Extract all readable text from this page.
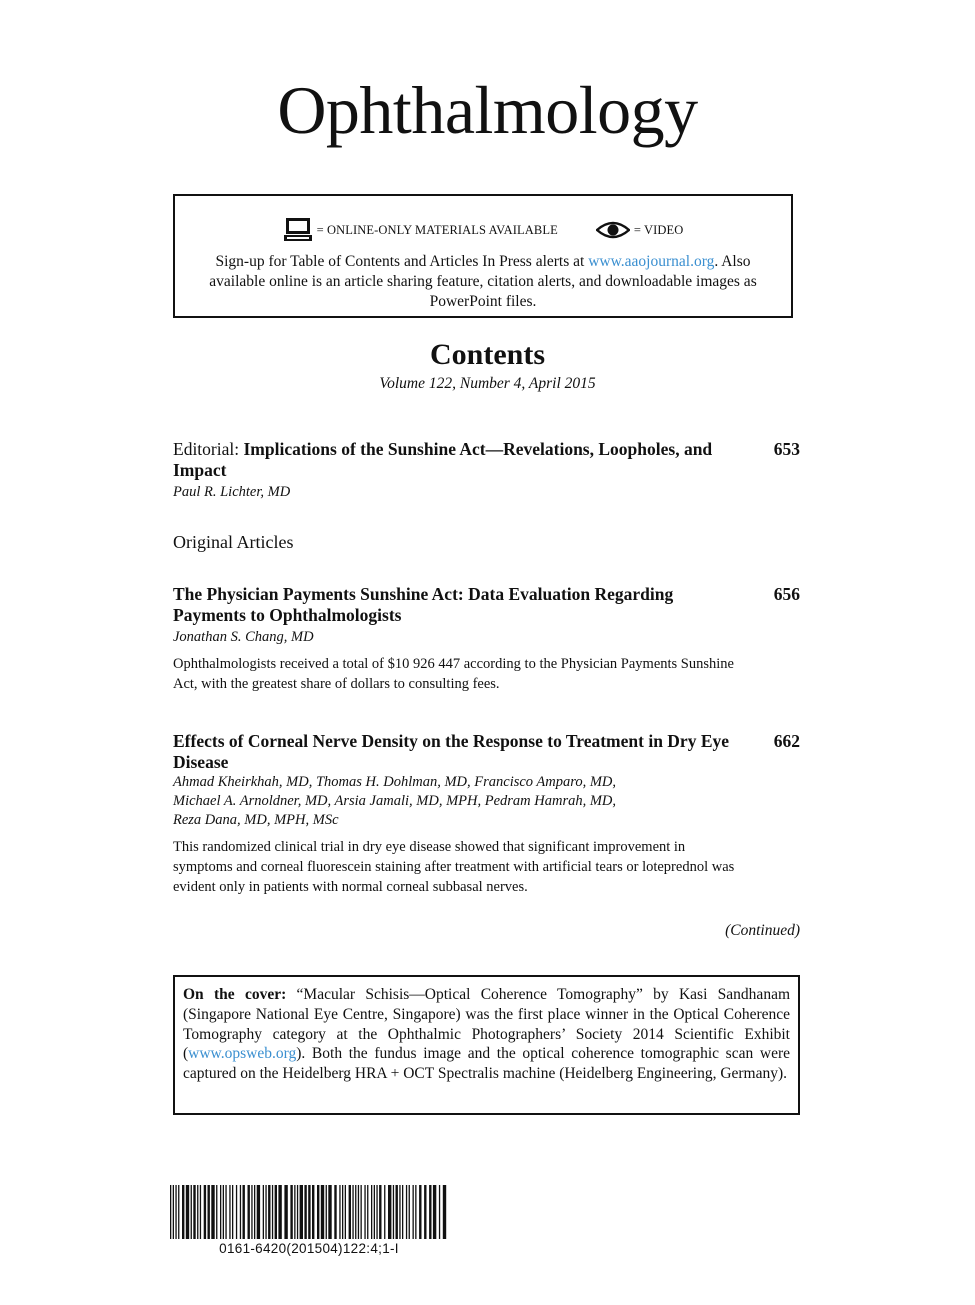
Ophthalmology
= ONLINE-ONLY MATERIALS AVAILABLE	= VIDEO
Sign-up for Table of Contents and Articles In Press alerts at www.aaojournal.org. Also available online is an article sharing feature, citation alerts, and downloadable images as PowerPoint files.
Contents
Volume 122, Number 4, April 2015
Editorial: Implications of the Sunshine Act—Revelations, Loopholes, and Impact
653
Paul R. Lichter, MD
Original Articles
The Physician Payments Sunshine Act: Data Evaluation Regarding Payments to Ophthalmologists
656
Jonathan S. Chang, MD
Ophthalmologists received a total of $10 926 447 according to the Physician Payments Sunshine Act, with the greatest share of dollars to consulting fees.
Effects of Corneal Nerve Density on the Response to Treatment in Dry Eye Disease
662
Ahmad Kheirkhah, MD, Thomas H. Dohlman, MD, Francisco Amparo, MD,
Michael A. Arnoldner, MD, Arsia Jamali, MD, MPH, Pedram Hamrah, MD,
Reza Dana, MD, MPH, MSc
This randomized clinical trial in dry eye disease showed that significant improvement in symptoms and corneal fluorescein staining after treatment with artificial tears or loteprednol was evident only in patients with normal corneal subbasal nerves.
(Continued)
On the cover: “Macular Schisis—Optical Coherence Tomography” by Kasi Sandhanam (Singapore National Eye Centre, Singapore) was the first place winner in the Optical Coherence Tomography category at the Ophthalmic Photographers’ Society 2014 Scientific Exhibit (www.opsweb.org). Both the fundus image and the optical coherence tomographic scan were captured on the Heidelberg HRA + OCT Spectralis machine (Heidelberg Engineering, Germany).
0161-6420(201504)122:4;1-I
